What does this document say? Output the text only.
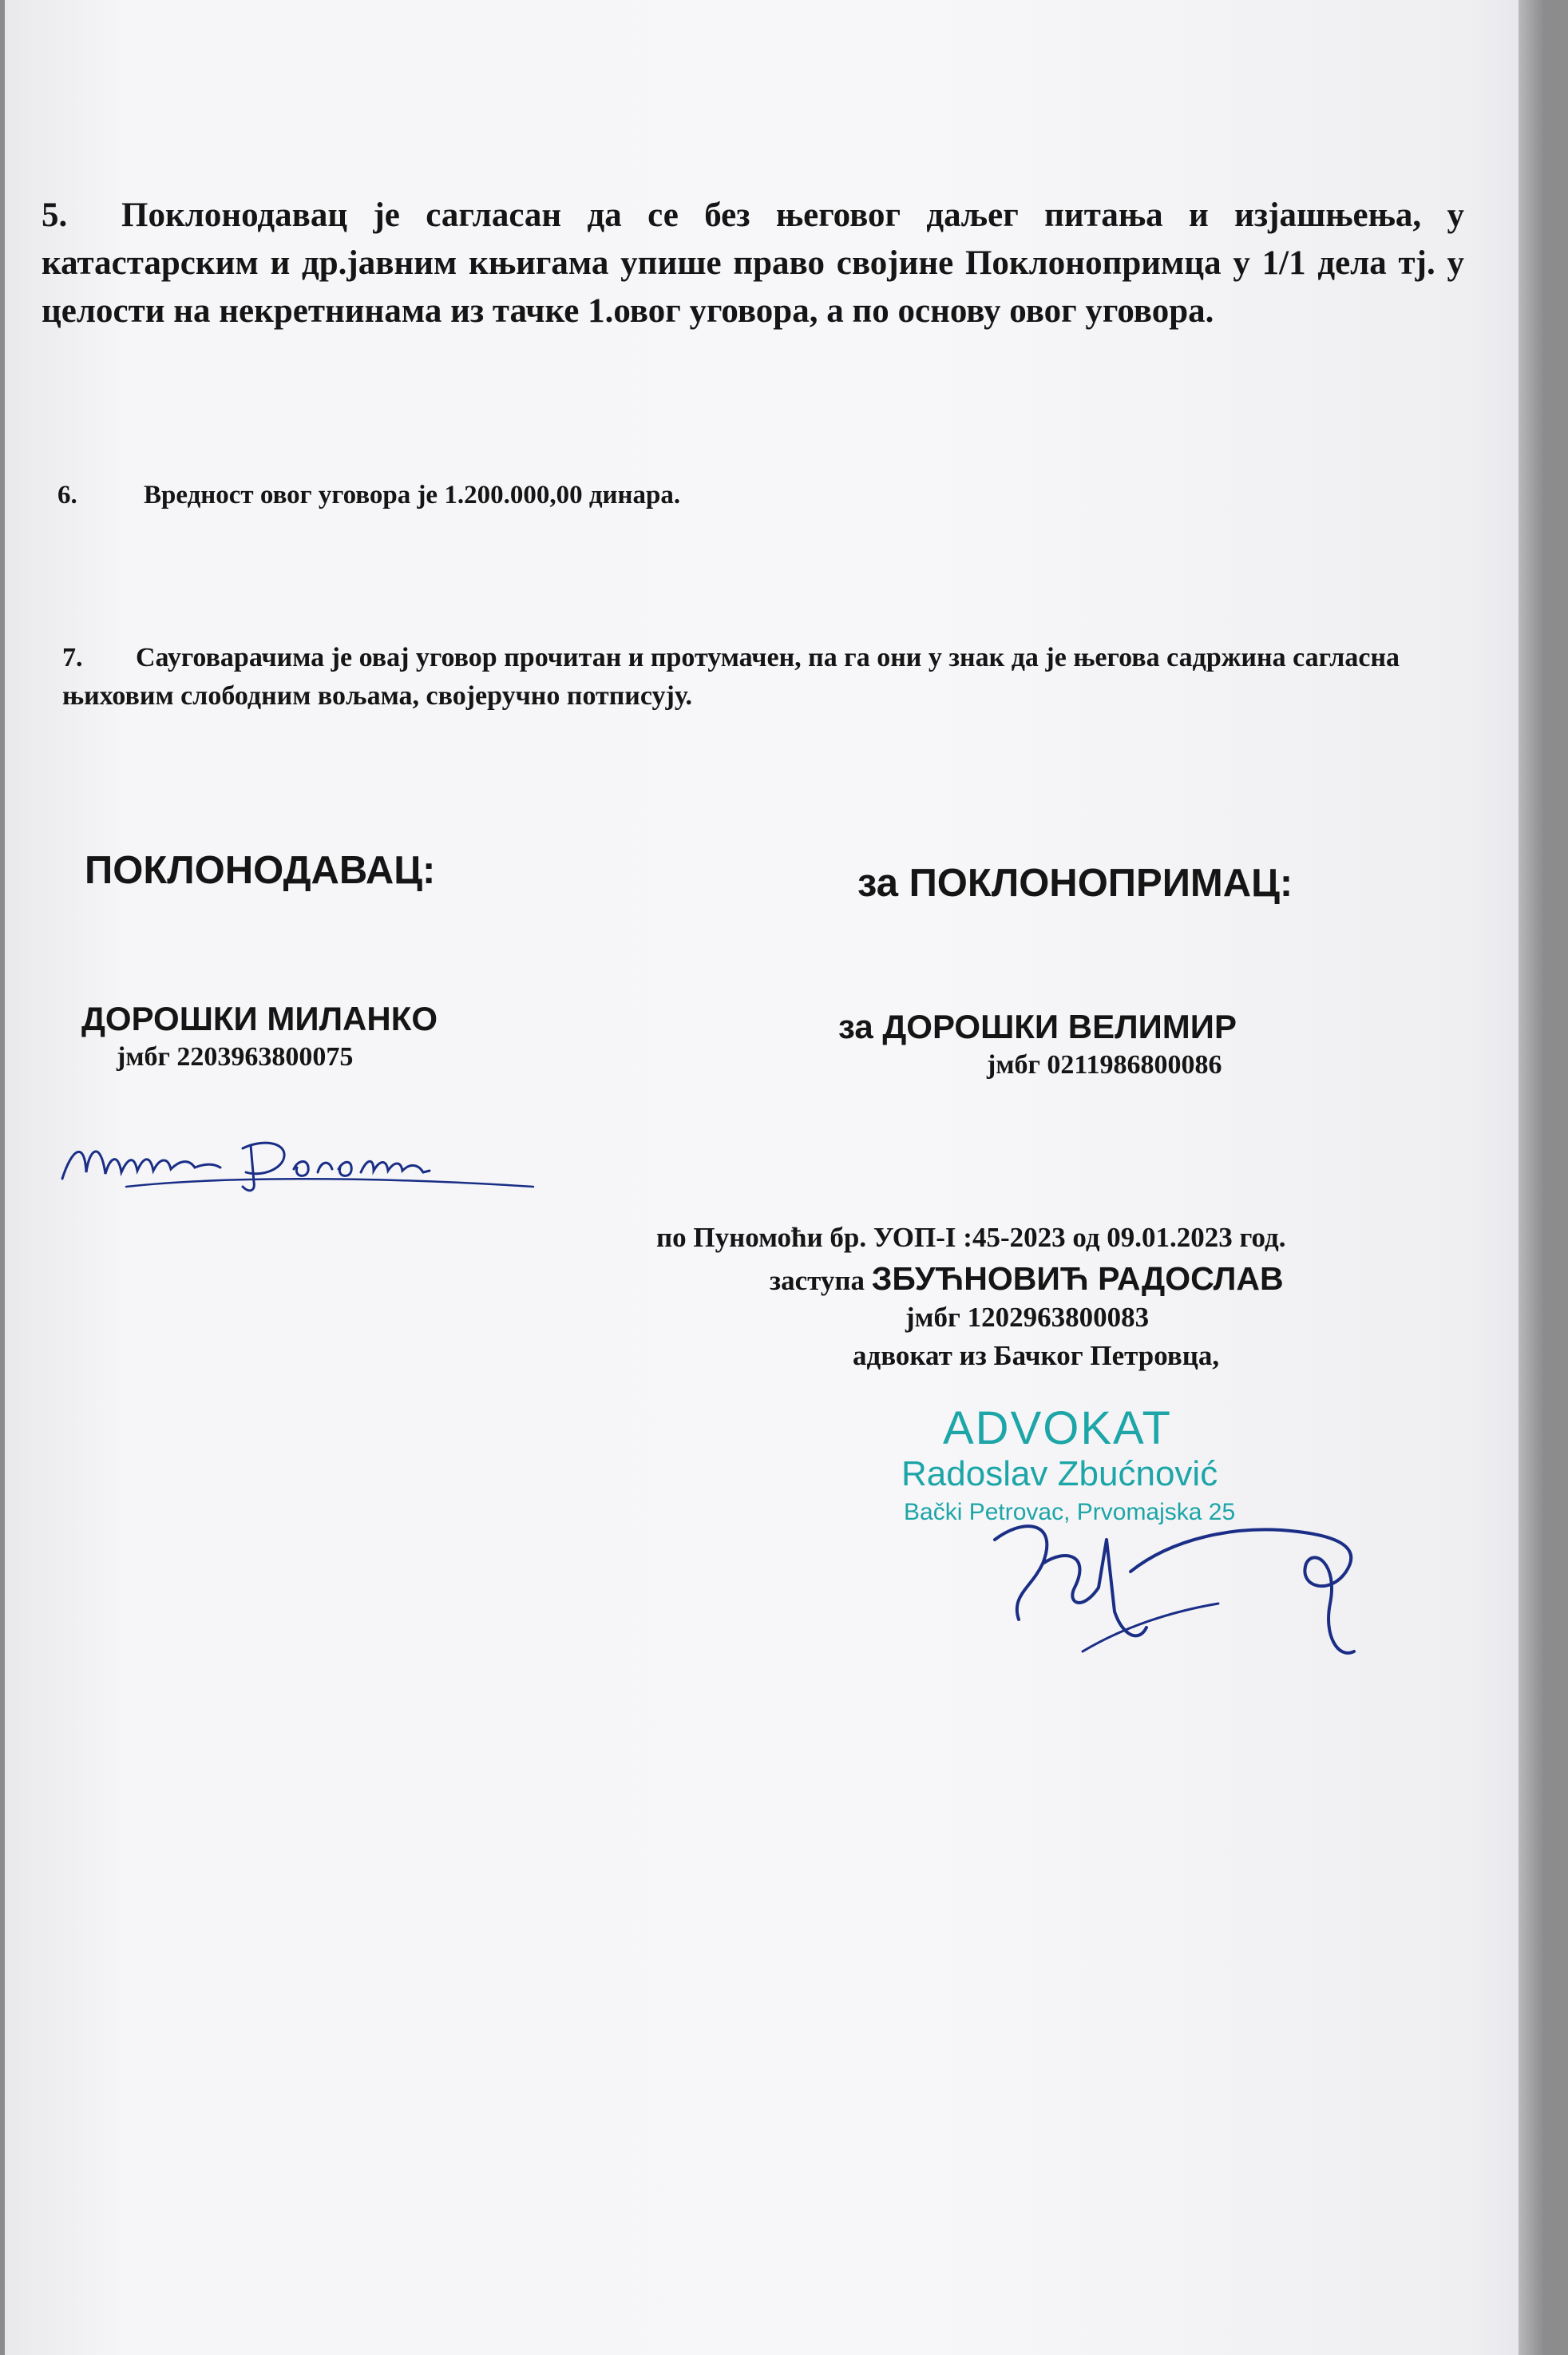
5. Поклонодавац је сагласан да се без његовог даљег питања и изјашњења, у катастарским и др.јавним књигама упише право својине Поклонопримца у 1/1 дела тј. у целости на некретнинама из тачке 1.овог уговора, а по основу овог уговора.
6.	Вредност овог уговора је 1.200.000,00 динара.
7. Сауговарачима је овај уговор прочитан и протумачен, па га они у знак да је његова садржина сагласна њиховим слободним вољама, својеручно потписују.
ПОКЛОНОДАВАЦ:	за ПОКЛОНОПРИМАЦ:
ДОРОШКИ МИЛАНКО
јмбг 2203963800075
за ДОРОШКИ ВЕЛИМИР
јмбг 0211986800086
по Пуномоћи бр. УОП-I :45-2023 од 09.01.2023 год.
заступа ЗБУЋНОВИЋ РАДОСЛАВ
јмбг 1202963800083
адвокат из Бачког Петровца,
ADVOKAT
Radoslav Zbućnović
Bački Petrovac, Prvomajska 25
